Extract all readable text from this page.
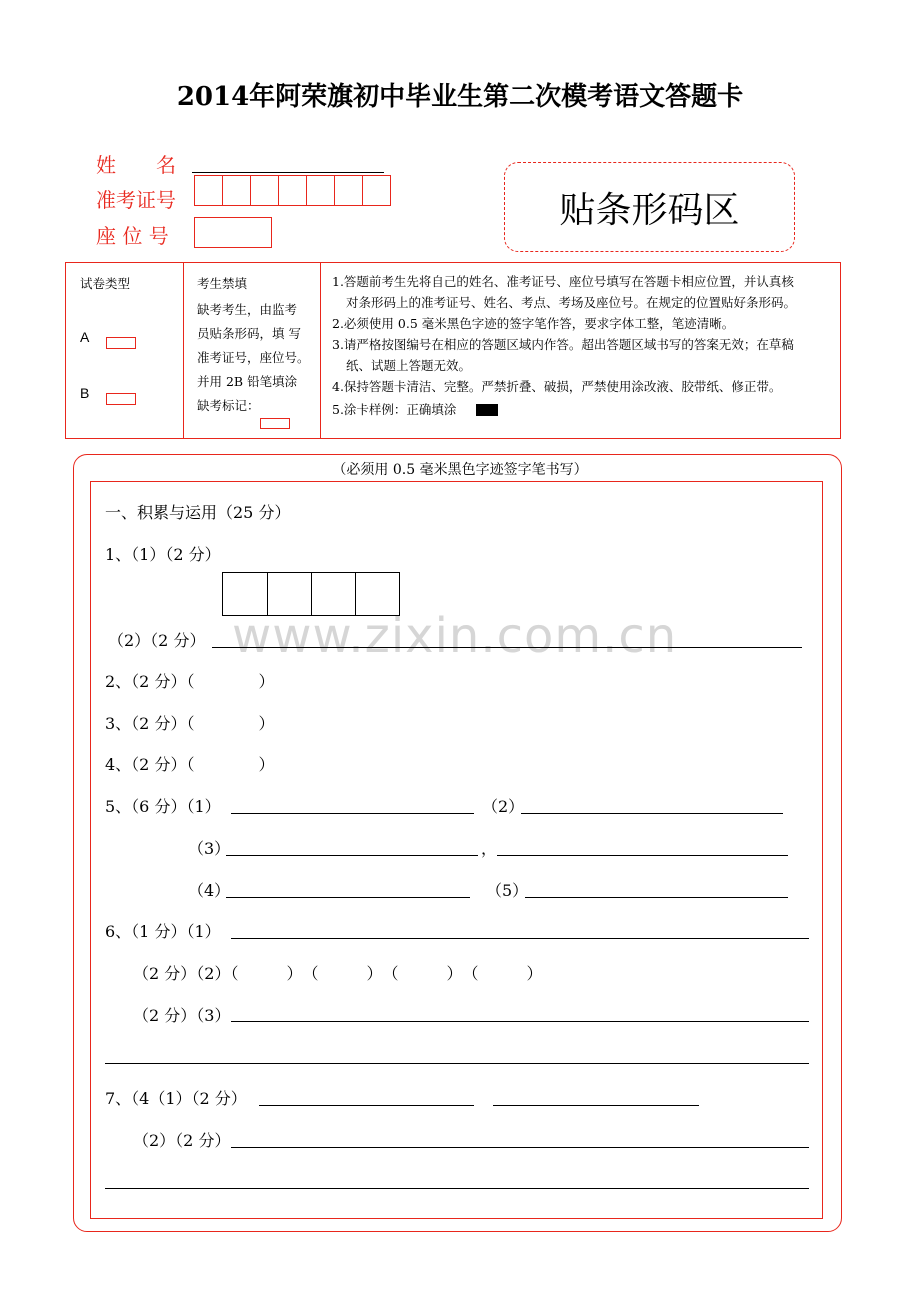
2014年阿荣旗初中毕业生第二次模考语文答题卡
姓　　名
准考证号
座 位 号
贴条形码区
试卷类型
A
B
考生禁填
缺考考生，由监考
员贴条形码，填 写
准考证号，座位号。
并用 2B 铅笔填涂
缺考标记：
1.答题前考生先将自己的姓名、准考证号、座位号填写在答题卡相应位置，并认真核
对条形码上的准考证号、姓名、考点、考场及座位号。在规定的位置贴好条形码。
2.必须使用 0.5 毫米黑色字迹的签字笔作答，要求字体工整，笔迹清晰。
3.请严格按图编号在相应的答题区域内作答。超出答题区域书写的答案无效；在草稿
纸、试题上答题无效。
4.保持答题卡清洁、完整。严禁折叠、破损，严禁使用涂改液、胶带纸、修正带。
5.涂卡样例：正确填涂
（必须用 0.5 毫米黑色字迹签字笔书写）
www.zixin.com.cn
一、积累与运用（25 分）
1、（1）（2 分）
（2）（2 分）
2、（2 分）（　　　　）
3、（2 分）（　　　　）
4、（2 分）（　　　　）
5、（6 分）（1）	（2）
（3）	，
（4）	（5）
6、（1 分）（1）
（2 分）（2）（　　　）　（　　　）　（　　　）　（　　　）
（2 分）（3）
7、（4（1）（2 分）
（2）（2 分）
